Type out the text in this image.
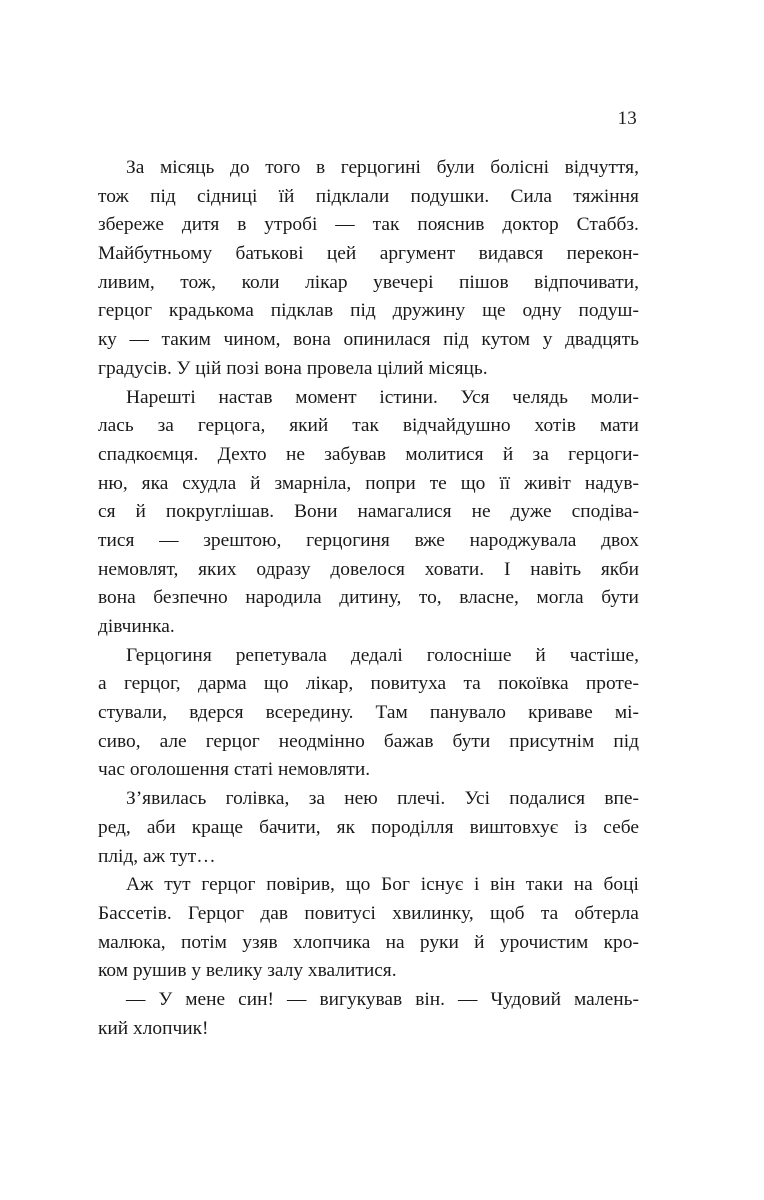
13

За місяць до того в герцогині були болісні відчуття,
тож під сідниці їй підклали подушки. Сила тяжіння
збереже дитя в утробі — так пояснив доктор Стаббз.
Майбутньому батькові цей аргумент видався перекон-
ливим, тож, коли лікар увечері пішов відпочивати,
герцог крадькома підклав під дружину ще одну подуш-
ку — таким чином, вона опинилася під кутом у двадцять
градусів. У цій позі вона провела цілий місяць.

Нарешті настав момент істини. Уся челядь моли-
лась за герцога, який так відчайдушно хотів мати
спадкоємця. Дехто не забував молитися й за герцоги-
ню, яка схудла й змарніла, попри те що її живіт надув-
ся й покруглішав. Вони намагалися не дуже сподіва-
тися — зрештою, герцогиня вже народжувала двох
немовлят, яких одразу довелося ховати. І навіть якби
вона безпечно народила дитину, то, власне, могла бути
дівчинка.

Герцогиня репетувала дедалі голосніше й частіше,
а герцог, дарма що лікар, повитуха та покоївка проте-
стували, вдерся всередину. Там панувало криваве мі-
сиво, але герцог неодмінно бажав бути присутнім під
час оголошення статі немовляти.

З’явилась голівка, за нею плечі. Усі подалися впе-
ред, аби краще бачити, як породілля виштовхує із себе
плід, аж тут…

Аж тут герцог повірив, що Бог існує і він таки на боці
Бассетів. Герцог дав повитусі хвилинку, щоб та обтерла
малюка, потім узяв хлопчика на руки й урочистим кро-
ком рушив у велику залу хвалитися.

— У мене син! — вигукував він. — Чудовий малень-
кий хлопчик!
